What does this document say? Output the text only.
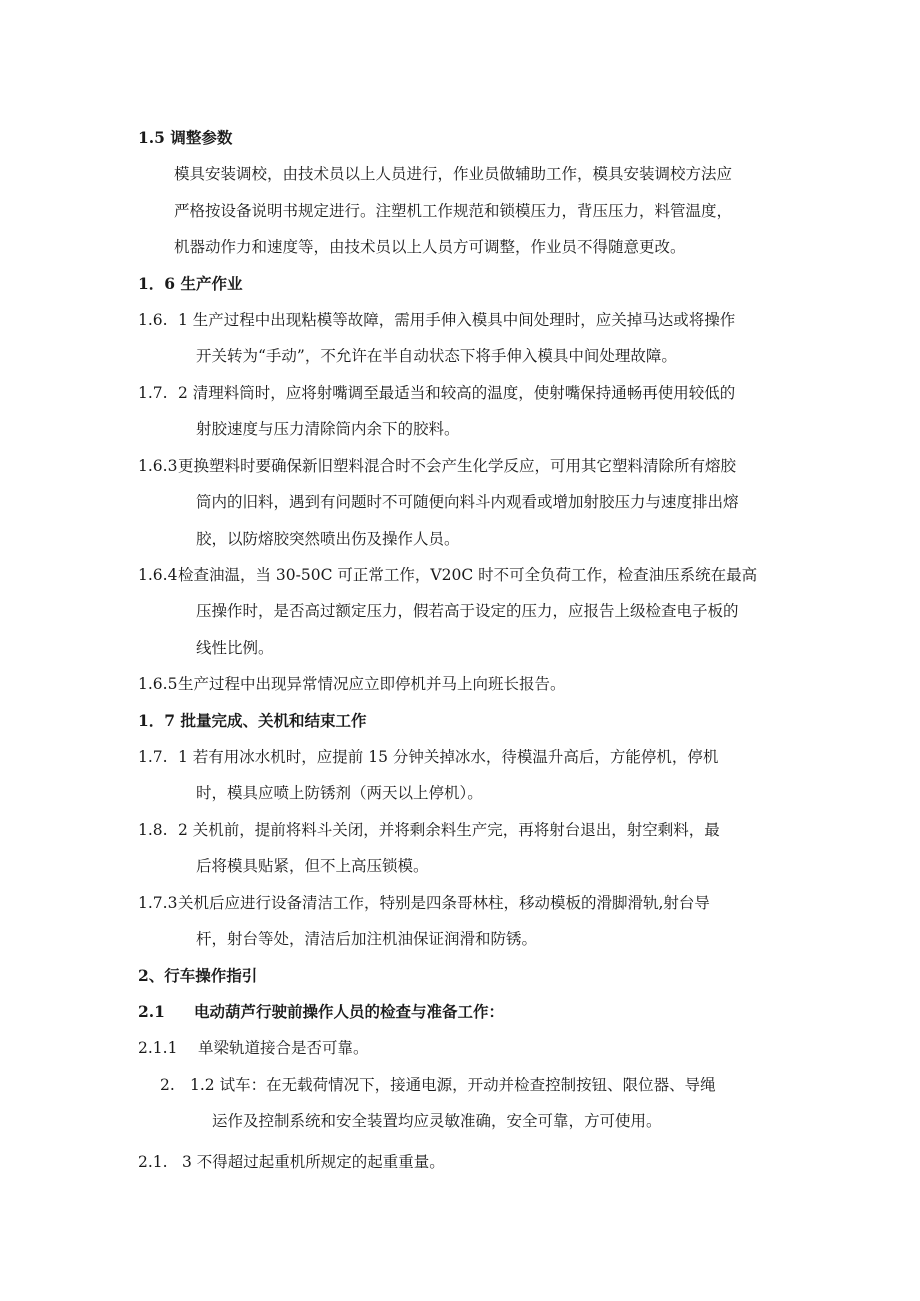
1.5 调整参数
模具安装调校，由技术员以上人员进行，作业员做辅助工作，模具安装调校方法应
严格按设备说明书规定进行。注塑机工作规范和锁模压力，背压压力，料管温度，
机器动作力和速度等，由技术员以上人员方可调整，作业员不得随意更改。
1．6 生产作业
1.6. 1 生产过程中出现粘模等故障，需用手伸入模具中间处理时，应关掉马达或将操作
开关转为“手动”，不允许在半自动状态下将手伸入模具中间处理故障。
1.7. 2 清理料筒时，应将射嘴调至最适当和较高的温度，使射嘴保持通畅再使用较低的
射胶速度与压力清除筒内余下的胶料。
1.6.3 更换塑料时要确保新旧塑料混合时不会产生化学反应，可用其它塑料清除所有熔胶
筒内的旧料，遇到有问题时不可随便向料斗内观看或增加射胶压力与速度排出熔
胶，以防熔胶突然喷出伤及操作人员。
1.6.4 检查油温，当 30-50C 可正常工作，V20C 时不可全负荷工作，检查油压系统在最高
压操作时，是否高过额定压力，假若高于设定的压力，应报告上级检查电子板的
线性比例。
1.6.5 生产过程中出现异常情况应立即停机并马上向班长报告。
1．7 批量完成、关机和结束工作
1.7. 1 若有用冰水机时，应提前 15 分钟关掉冰水，待模温升高后，方能停机，停机
时，模具应喷上防锈剂（两天以上停机）。
1.8. 2 关机前，提前将料斗关闭，并将剩余料生产完，再将射台退出，射空剩料，最
后将模具贴紧，但不上高压锁模。
1.7.3 关机后应进行设备清洁工作，特别是四条哥林柱，移动模板的滑脚滑轨,射台导
杆，射台等处，清洁后加注机油保证润滑和防锈。
2、行车操作指引
2.1 电动葫芦行驶前操作人员的检查与准备工作：
2.1.1 单梁轨道接合是否可靠。
2. 1.2 试车：在无载荷情况下，接通电源，开动并检查控制按钮、限位器、导绳
运作及控制系统和安全装置均应灵敏准确，安全可靠，方可使用。
2.1. 3 不得超过起重机所规定的起重重量。
